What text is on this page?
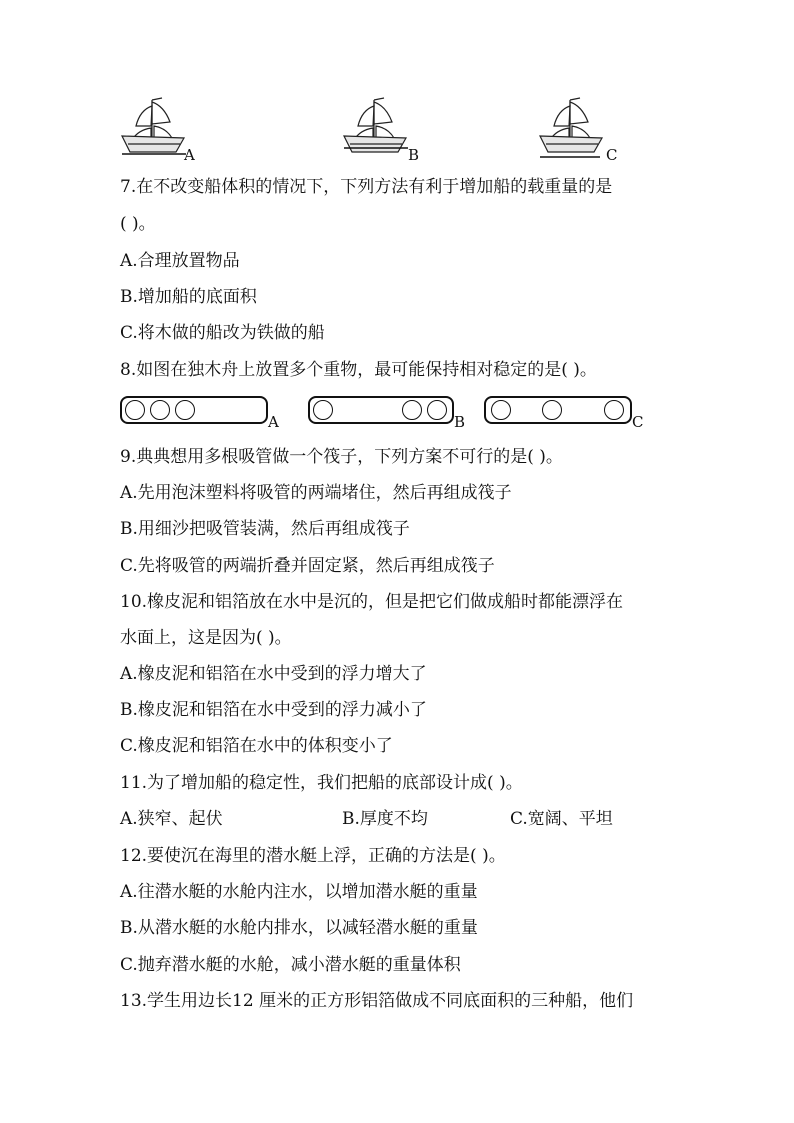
A	B	C
7.在不改变船体积的情况下，下列方法有利于增加船的载重量的是
( )。
A.合理放置物品
B.增加船的底面积
C.将木做的船改为铁做的船
8.如图在独木舟上放置多个重物，最可能保持相对稳定的是( )。
A	B	C
9.典典想用多根吸管做一个筏子，下列方案不可行的是( )。
A.先用泡沫塑料将吸管的两端堵住，然后再组成筏子
B.用细沙把吸管装满，然后再组成筏子
C.先将吸管的两端折叠并固定紧，然后再组成筏子
10.橡皮泥和铝箔放在水中是沉的，但是把它们做成船时都能漂浮在
水面上，这是因为( )。
A.橡皮泥和铝箔在水中受到的浮力增大了
B.橡皮泥和铝箔在水中受到的浮力减小了
C.橡皮泥和铝箔在水中的体积变小了
11.为了增加船的稳定性，我们把船的底部设计成( )。
A.狭窄、起伏	B.厚度不均	C.宽阔、平坦
12.要使沉在海里的潜水艇上浮，正确的方法是( )。
A.往潜水艇的水舱内注水，以增加潜水艇的重量
B.从潜水艇的水舱内排水，以减轻潜水艇的重量
C.抛弃潜水艇的水舱，减小潜水艇的重量体积
13.学生用边长12 厘米的正方形铝箔做成不同底面积的三种船，他们
